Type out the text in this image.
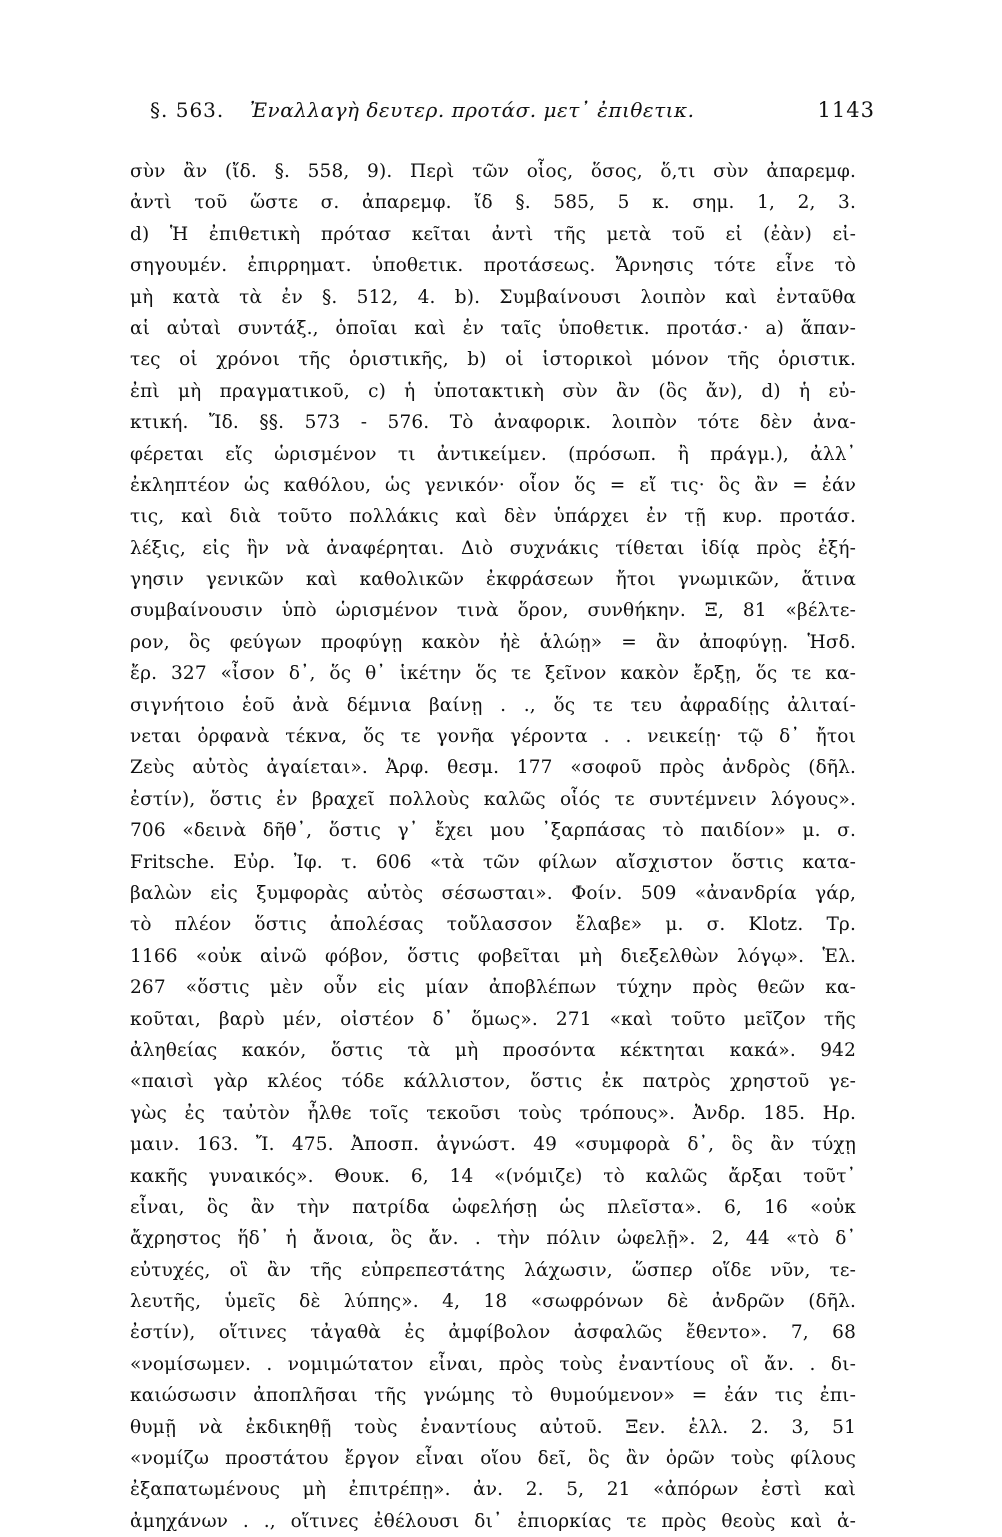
§. 563. Ἐναλλαγὴ δευτερ. προτάσ. μετ᾽ ἐπιθετικ.	1143
σὺν ἂν (ἴδ. §. 558, 9). Περὶ τῶν οἷος, ὅσος, ὅ,τι σὺν ἀπαρεμφ.
ἀντὶ τοῦ ὥστε σ. ἀπαρεμφ. ἴδ §. 585, 5 κ. σημ. 1, 2, 3.
d) Ἡ ἐπιθετικὴ πρότασ κεῖται ἀντὶ τῆς μετὰ τοῦ εἰ (ἐὰν) εἰ-
σηγουμέν. ἐπιρρηματ. ὑποθετικ. προτάσεως. Ἄρνησις τότε εἶνε τὸ
μὴ κατὰ τὰ ἐν §. 512, 4. b). Συμβαίνουσι λοιπὸν καὶ ἐνταῦθα
αἱ αὐταὶ συντάξ., ὁποῖαι καὶ ἐν ταῖς ὑποθετικ. προτάσ.· a) ἅπαν-
τες οἱ χρόνοι τῆς ὁριστικῆς, b) οἱ ἱστορικοὶ μόνον τῆς ὁριστικ.
ἐπὶ μὴ πραγματικοῦ, c) ἡ ὑποτακτικὴ σὺν ἂν (ὃς ἄν), d) ἡ εὐ-
κτική. Ἴδ. §§. 573 - 576. Τὸ ἀναφορικ. λοιπὸν τότε δὲν ἀνα-
φέρεται εἴς ὡρισμένον τι ἀντικείμεν. (πρόσωπ. ἢ πράγμ.), ἀλλ᾽
ἐκληπτέον ὡς καθόλου, ὡς γενικόν· οἷον ὅς = εἴ τις· ὃς ἂν = ἐάν
τις, καὶ διὰ τοῦτο πολλάκις καὶ δὲν ὑπάρχει ἐν τῇ κυρ. προτάσ.
λέξις, εἰς ἣν νὰ ἀναφέρηται. Διὸ συχνάκις τίθεται ἰδίᾳ πρὸς ἐξή-
γησιν γενικῶν καὶ καθολικῶν ἐκφράσεων ἤτοι γνωμικῶν, ἅτινα
συμβαίνουσιν ὑπὸ ὡρισμένον τινὰ ὅρον, συνθήκην. Ξ, 81 «βέλτε-
ρον, ὃς φεύγων προφύγῃ κακὸν ἠὲ ἁλώῃ» = ἂν ἀποφύγῃ. Ἡσδ.
ἔρ. 327 «ἶσον δ᾽, ὅς θ᾽ ἱκέτην ὅς τε ξεῖνον κακὸν ἔρξῃ, ὅς τε κα-
σιγνήτοιο ἑοῦ ἀνὰ δέμνια βαίνῃ . ., ὅς τε τευ ἀφραδίῃς ἀλιταί-
νεται ὀρφανὰ τέκνα, ὅς τε γονῆα γέροντα . . νεικείῃ· τῷ δ᾽ ἤτοι
Ζεὺς αὐτὸς ἀγαίεται». Ἀρφ. θεσμ. 177 «σοφοῦ πρὸς ἀνδρὸς (δῆλ.
ἐστίν), ὅστις ἐν βραχεῖ πολλοὺς καλῶς οἷός τε συντέμνειν λόγους».
706 «δεινὰ δῆθ᾽, ὅστις γ᾽ ἔχει μου ᾽ξαρπάσας τὸ παιδίον» μ. σ.
Fritsche. Εὐρ. Ἰφ. τ. 606 «τὰ τῶν φίλων αἴσχιστον ὅστις κατα-
βαλὼν εἰς ξυμφορὰς αὐτὸς σέσωσται». Φοίν. 509 «ἀνανδρία γάρ,
τὸ πλέον ὅστις ἀπολέσας τοὔλασσον ἔλαβε» μ. σ. Klotz. Τρ.
1166 «οὐκ αἰνῶ φόβον, ὅστις φοβεῖται μὴ διεξελθὼν λόγῳ». Ἑλ.
267 «ὅστις μὲν οὖν εἰς μίαν ἀποβλέπων τύχην πρὸς θεῶν κα-
κοῦται, βαρὺ μέν, οἰστέον δ᾽ ὅμως». 271 «καὶ τοῦτο μεῖζον τῆς
ἀληθείας κακόν, ὅστις τὰ μὴ προσόντα κέκτηται κακά». 942
«παισὶ γὰρ κλέος τόδε κάλλιστον, ὅστις ἐκ πατρὸς χρηστοῦ γε-
γὼς ἐς ταὐτὸν ἦλθε τοῖς τεκοῦσι τοὺς τρόπους». Ἀνδρ. 185. Ηρ.
μαιν. 163. Ἴ. 475. Ἀποσπ. ἀγνώστ. 49 «συμφορὰ δ᾽, ὃς ἂν τύχῃ
κακῆς γυναικός». Θουκ. 6, 14 «(νόμιζε) τὸ καλῶς ἄρξαι τοῦτ᾽
εἶναι, ὃς ἂν τὴν πατρίδα ὠφελήσῃ ὡς πλεῖστα». 6, 16 «οὐκ
ἄχρηστος ἥδ᾽ ἡ ἄνοια, ὃς ἄν. . τὴν πόλιν ὠφελῇ». 2, 44 «τὸ δ᾽
εὐτυχές, οἳ ἂν τῆς εὐπρεπεστάτης λάχωσιν, ὥσπερ οἵδε νῦν, τε-
λευτῆς, ὑμεῖς δὲ λύπης». 4, 18 «σωφρόνων δὲ ἀνδρῶν (δῆλ.
ἐστίν), οἵτινες τἀγαθὰ ἐς ἀμφίβολον ἀσφαλῶς ἔθεντο». 7, 68
«νομίσωμεν. . νομιμώτατον εἶναι, πρὸς τοὺς ἐναντίους οἳ ἄν. . δι-
καιώσωσιν ἀποπλῆσαι τῆς γνώμης τὸ θυμούμενον» = ἐάν τις ἐπι-
θυμῇ νὰ ἐκδικηθῇ τοὺς ἐναντίους αὐτοῦ. Ξεν. ἑλλ. 2. 3, 51
«νομίζω προστάτου ἔργον εἶναι οἵου δεῖ, ὃς ἂν ὁρῶν τοὺς φίλους
ἐξαπατωμένους μὴ ἐπιτρέπῃ». ἀν. 2. 5, 21 «ἀπόρων ἐστὶ καὶ
ἀμηχάνων . ., οἵτινες ἐθέλουσι δι᾽ ἐπιορκίας τε πρὸς θεοὺς καὶ ἀ-
